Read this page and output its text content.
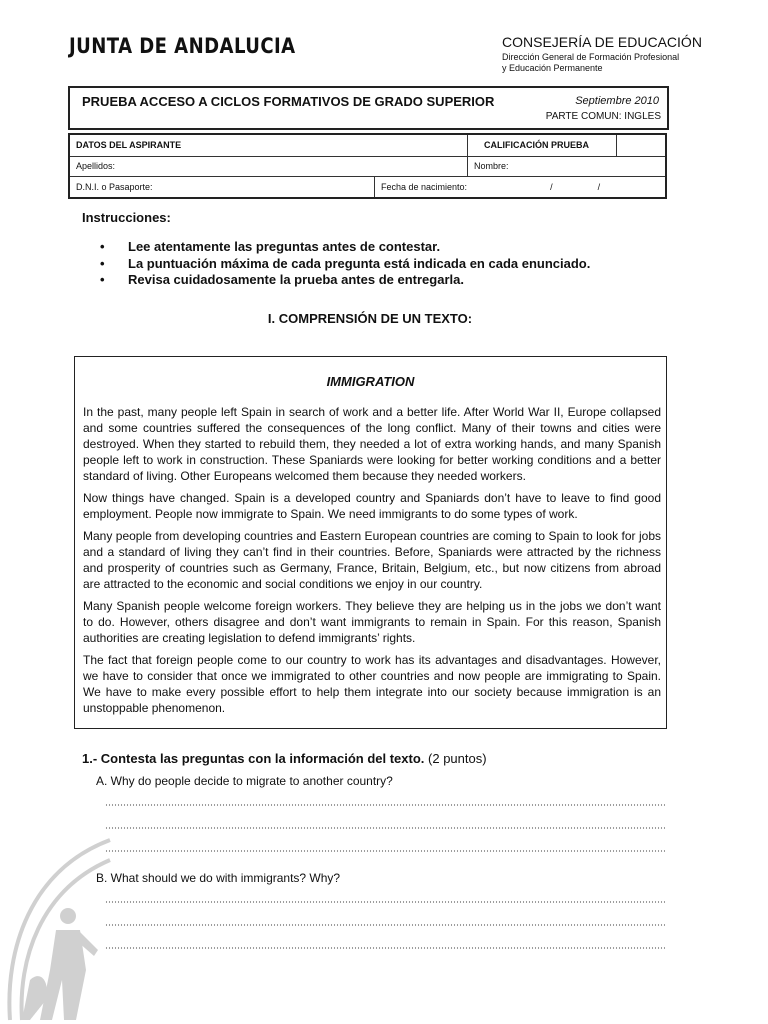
JUNTA DE ANDALUCIA	CONSEJERÍA DE EDUCACIÓN
Dirección General de Formación Profesional
y Educación Permanente
PRUEBA ACCESO A CICLOS FORMATIVOS DE GRADO SUPERIOR	Septiembre 2010
PARTE COMUN: INGLES
DATOS DEL ASPIRANTE		CALIFICACIÓN PRUEBA	
Apellidos:		Nombre:	
D.N.I. o Pasaporte:	Fecha de nacimiento: / /		
Instrucciones:
• Lee atentamente las preguntas antes de contestar.
• La puntuación máxima de cada pregunta está indicada en cada enunciado.
• Revisa cuidadosamente la prueba antes de entregarla.
I. COMPRENSIÓN DE UN TEXTO:
IMMIGRATION

In the past, many people left Spain in search of work and a better life. After World War II, Europe collapsed and some countries suffered the consequences of the long conflict. Many of their towns and cities were destroyed. When they started to rebuild them, they needed a lot of extra working hands, and many Spanish people left to work in construction. These Spaniards were looking for better working conditions and a better standard of living. Other Europeans welcomed them because they needed workers.

Now things have changed. Spain is a developed country and Spaniards don’t have to leave to find good employment. People now immigrate to Spain. We need immigrants to do some types of work.

Many people from developing countries and Eastern European countries are coming to Spain to look for jobs and a standard of living they can’t find in their countries. Before, Spaniards were attracted by the richness and prosperity of countries such as Germany, France, Britain, Belgium, etc., but now citizens from abroad are attracted to the economic and social conditions we enjoy in our country.

Many Spanish people welcome foreign workers. They believe they are helping us in the jobs we don’t want to do. However, others disagree and don’t want immigrants to remain in Spain. For this reason, Spanish authorities are creating legislation to defend immigrants’ rights.

The fact that foreign people come to our country to work has its advantages and disadvantages. However, we have to consider that once we immigrated to other countries and now people are immigrating to Spain. We have to make every possible effort to help them integrate into our society because immigration is an unstoppable phenomenon.

1.- Contesta las preguntas con la información del texto. (2 puntos)
A. Why do people decide to migrate to another country?
B. What should we do with immigrants? Why?
